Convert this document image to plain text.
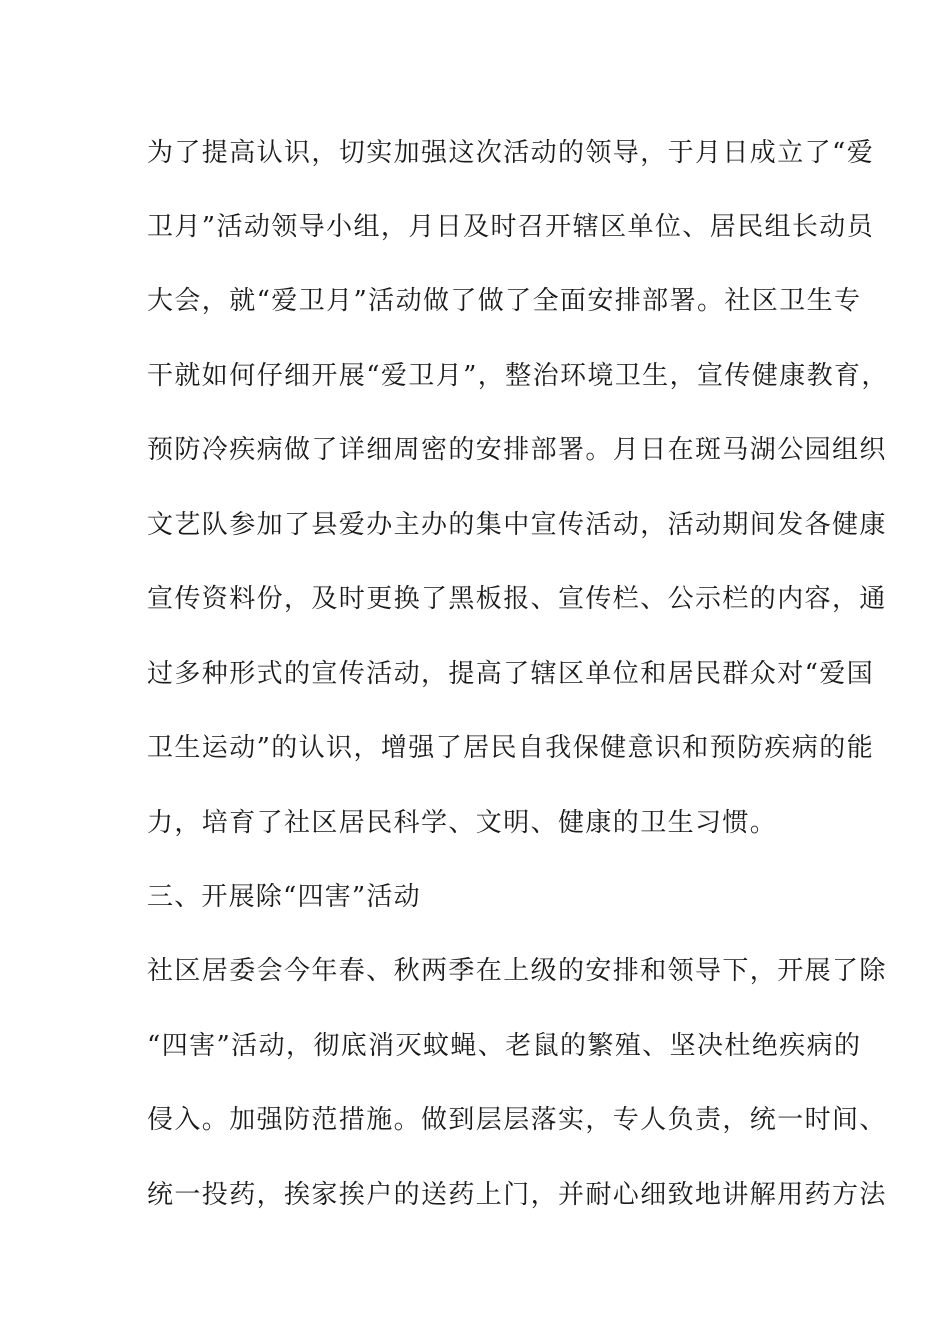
为了提高认识，切实加强这次活动的领导，于月日成立了“爱
卫月”活动领导小组，月日及时召开辖区单位、居民组长动员
大会，就“爱卫月”活动做了做了全面安排部署。社区卫生专
干就如何仔细开展“爱卫月”，整治环境卫生，宣传健康教育，
预防冷疾病做了详细周密的安排部署。月日在斑马湖公园组织
文艺队参加了县爱办主办的集中宣传活动，活动期间发各健康
宣传资料份，及时更换了黑板报、宣传栏、公示栏的内容，通
过多种形式的宣传活动，提高了辖区单位和居民群众对“爱国
卫生运动”的认识，增强了居民自我保健意识和预防疾病的能
力，培育了社区居民科学、文明、健康的卫生习惯。
三、开展除“四害”活动
社区居委会今年春、秋两季在上级的安排和领导下，开展了除
“四害”活动，彻底消灭蚊蝇、老鼠的繁殖、坚决杜绝疾病的
侵入。加强防范措施。做到层层落实，专人负责，统一时间、
统一投药，挨家挨户的送药上门，并耐心细致地讲解用药方法
